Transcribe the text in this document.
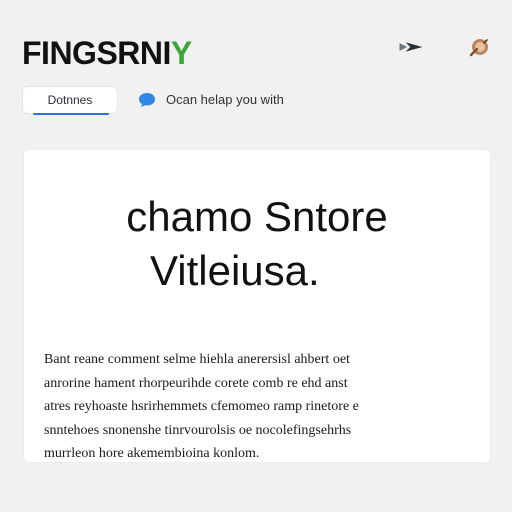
FINGSRNIY
Dotnnes	Ocan helap you with
chamo Sntore
Vitleiusa.
Bant reane comment selme hiehla anerersisl ahbert oet
anrorine hament rhorpeurihde corete comb re ehd anst
atres reyhoaste hsrirhemmets cfemomeo ramp rinetore e
snntehoes snonenshe tinrvourolsis oe nocolefingsehrhs
murrleon hore akemembioina konlom.
